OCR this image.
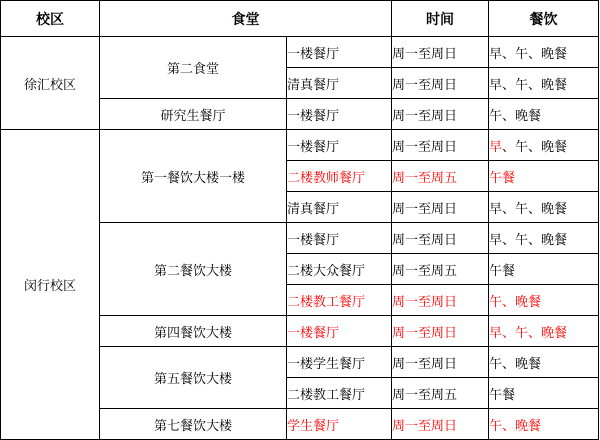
校区	食堂		时间	餐饮
徐汇校区	第二食堂	一楼餐厅	周一至周日	早、午、晚餐
		清真餐厅	周一至周日	早、午、晚餐
	研究生餐厅	一楼餐厅	周一至周日	午、晚餐
闵行校区	第一餐饮大楼一楼	一楼餐厅	周一至周日	早、午、晚餐
		二楼教师餐厅	周一至周五	午餐
		清真餐厅	周一至周日	早、午、晚餐
	第二餐饮大楼	一楼餐厅	周一至周日	早、午、晚餐
		二楼大众餐厅	周一至周五	午餐
		二楼教工餐厅	周一至周日	午、晚餐
	第四餐饮大楼	一楼餐厅	周一至周日	早、午、晚餐
	第五餐饮大楼	一楼学生餐厅	周一至周日	午、晚餐
		二楼教工餐厅	周一至周五	午餐
	第七餐饮大楼	学生餐厅	周一至周日	午、晚餐
